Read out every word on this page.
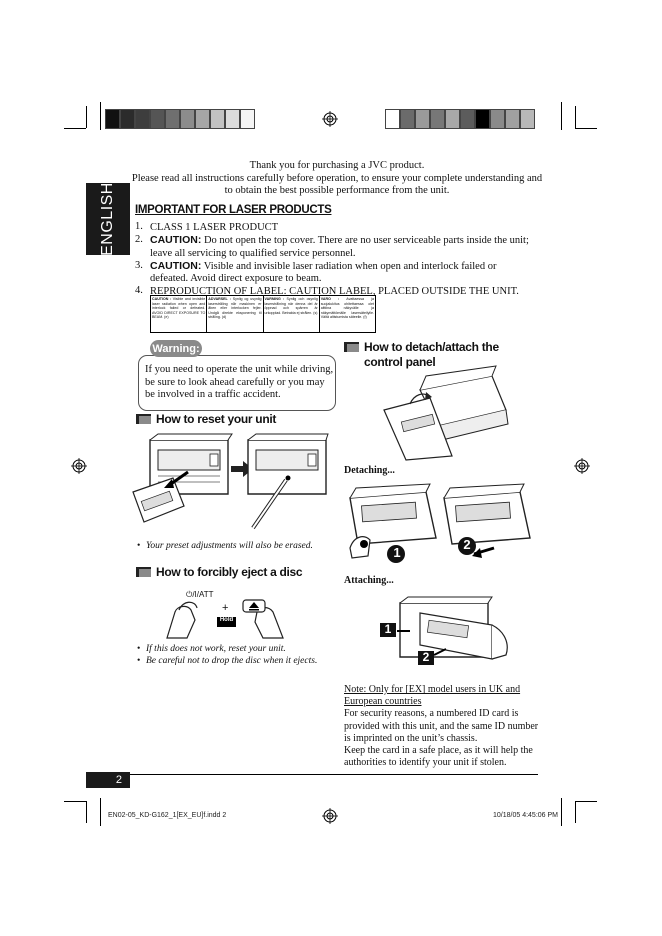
Thank you for purchasing a JVC product.
Please read all instructions carefully before operation, to ensure your complete understanding and to obtain the best possible performance from the unit.
ENGLISH IMPORTANT FOR LASER PRODUCTS
1. CLASS 1 LASER PRODUCT
2. CAUTION: Do not open the top cover. There are no user serviceable parts inside the unit; leave all servicing to qualified service personnel.
3. CAUTION: Visible and invisible laser radiation when open and interlock failed or defeated. Avoid direct exposure to beam.
4. REPRODUCTION OF LABEL: CAUTION LABEL, PLACED OUTSIDE THE UNIT.
CAUTION : Visible and invisible laser radiation when open and interlock failed or defeated. AVOID DIRECT EXPOSURE TO BEAM. (e)
ADVARSEL : Synlig og usynlig laserstråling når maskinen er åben eller interlocken fejler. Undgå direkte eksponering til stråling. (d)
VARNING : Synlig och osynlig laserstrålning när denna del är öppnad och spärren är urkopplad. Betrakta ej strålen. (s)
VARO : Avattaessa ja suojalukitus ohitettaessa olet alttiina näkyvälle ja näkymättömälle lasersäteilylle. Vältä altistumista säteelle. (f)
If you need to operate the unit while driving, be sure to look ahead carefully or you may be involved in a traffic accident.
Warning:
How to reset your unit
• Your preset adjustments will also be erased.
How to forcibly eject a disc
⏻/I/ATT
+
Hold
• If this does not work, reset your unit.
• Be careful not to drop the disc when it ejects.
How to detach/attach the control panel
Detaching...
1
2
Attaching...
1
2
Note: Only for [EX] model users in UK and European countries
For security reasons, a numbered ID card is provided with this unit, and the same ID number is imprinted on the unit’s chassis.
Keep the card in a safe place, as it will help the authorities to identify your unit if stolen.
2
EN02-05_KD-G162_1[EX_EU]f.indd 2	10/18/05 4:45:06 PM
